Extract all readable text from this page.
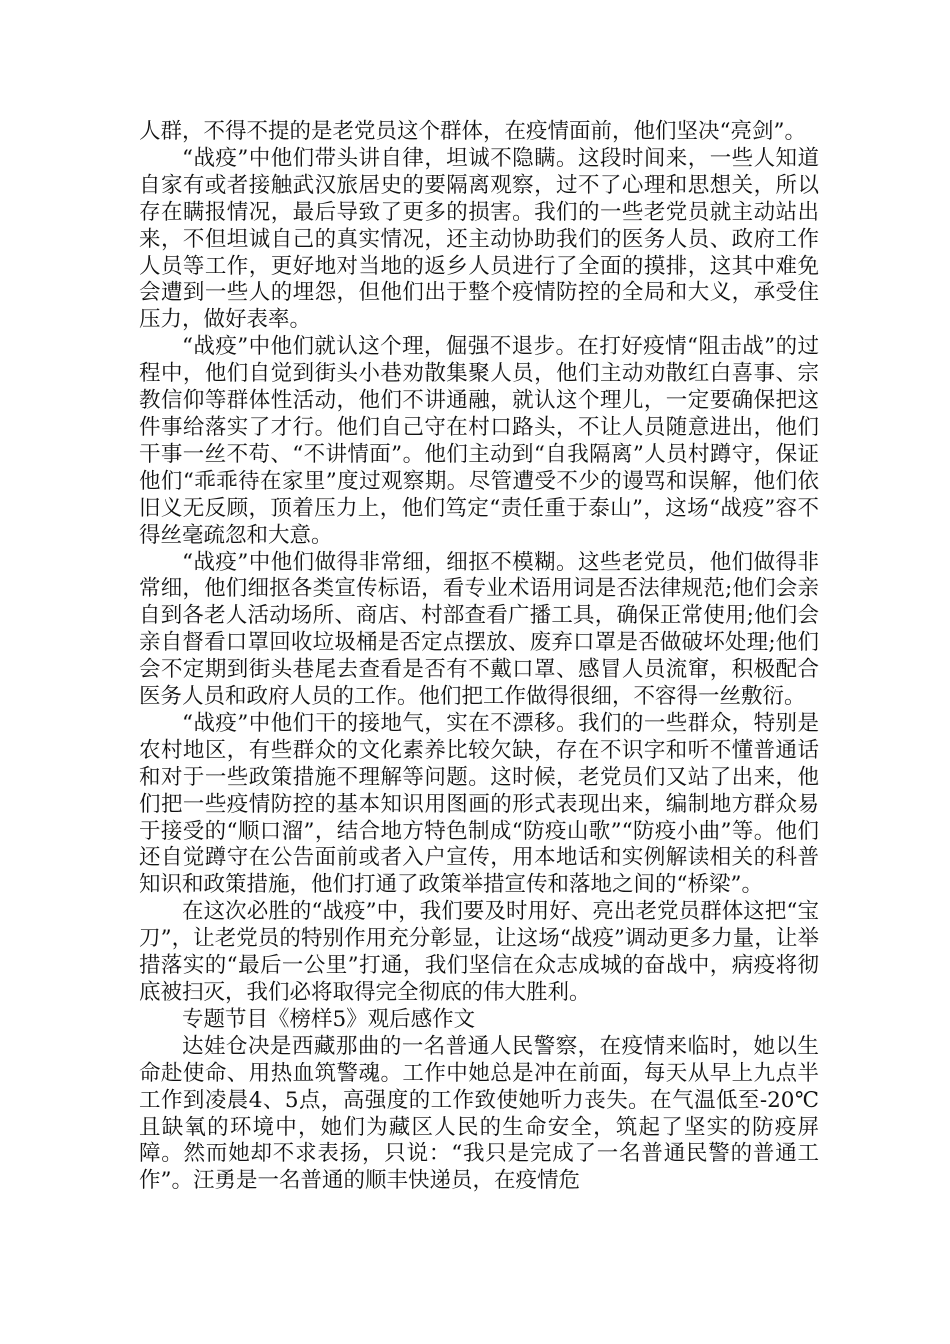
人群，不得不提的是老党员这个群体，在疫情面前，他们坚决“亮剑”。

“战疫”中他们带头讲自律，坦诚不隐瞒。这段时间来，一些人知道自家有或者接触武汉旅居史的要隔离观察，过不了心理和思想关，所以存在瞒报情况，最后导致了更多的损害。我们的一些老党员就主动站出来，不但坦诚自己的真实情况，还主动协助我们的医务人员、政府工作人员等工作，更好地对当地的返乡人员进行了全面的摸排，这其中难免会遭到一些人的埋怨，但他们出于整个疫情防控的全局和大义，承受住压力，做好表率。

“战疫”中他们就认这个理，倔强不退步。在打好疫情“阻击战”的过程中，他们自觉到街头小巷劝散集聚人员，他们主动劝散红白喜事、宗教信仰等群体性活动，他们不讲通融，就认这个理儿，一定要确保把这件事给落实了才行。他们自己守在村口路头，不让人员随意进出，他们干事一丝不苟、“不讲情面”。他们主动到“自我隔离”人员村蹲守，保证他们“乖乖待在家里”度过观察期。尽管遭受不少的谩骂和误解，他们依旧义无反顾，顶着压力上，他们笃定“责任重于泰山”，这场“战疫”容不得丝毫疏忽和大意。

“战疫”中他们做得非常细，细抠不模糊。这些老党员，他们做得非常细，他们细抠各类宣传标语，看专业术语用词是否法律规范;他们会亲自到各老人活动场所、商店、村部查看广播工具，确保正常使用;他们会亲自督看口罩回收垃圾桶是否定点摆放、废弃口罩是否做破坏处理;他们会不定期到街头巷尾去查看是否有不戴口罩、感冒人员流窜，积极配合医务人员和政府人员的工作。他们把工作做得很细，不容得一丝敷衍。

“战疫”中他们干的接地气，实在不漂移。我们的一些群众，特别是农村地区，有些群众的文化素养比较欠缺，存在不识字和听不懂普通话和对于一些政策措施不理解等问题。这时候，老党员们又站了出来，他们把一些疫情防控的基本知识用图画的形式表现出来，编制地方群众易于接受的“顺口溜”，结合地方特色制成“防疫山歌”“防疫小曲”等。他们还自觉蹲守在公告面前或者入户宣传，用本地话和实例解读相关的科普知识和政策措施，他们打通了政策举措宣传和落地之间的“桥梁”。

在这次必胜的“战疫”中，我们要及时用好、亮出老党员群体这把“宝刀”，让老党员的特别作用充分彰显，让这场“战疫”调动更多力量，让举措落实的“最后一公里”打通，我们坚信在众志成城的奋战中，病疫将彻底被扫灭，我们必将取得完全彻底的伟大胜利。

专题节目《榜样5》观后感作文

达娃仓决是西藏那曲的一名普通人民警察，在疫情来临时，她以生命赴使命、用热血筑警魂。工作中她总是冲在前面，每天从早上九点半工作到凌晨4、5点，高强度的工作致使她听力丧失。在气温低至-20℃且缺氧的环境中，她们为藏区人民的生命安全，筑起了坚实的防疫屏障。然而她却不求表扬，只说：“我只是完成了一名普通民警的普通工作”。汪勇是一名普通的顺丰快递员，在疫情危
